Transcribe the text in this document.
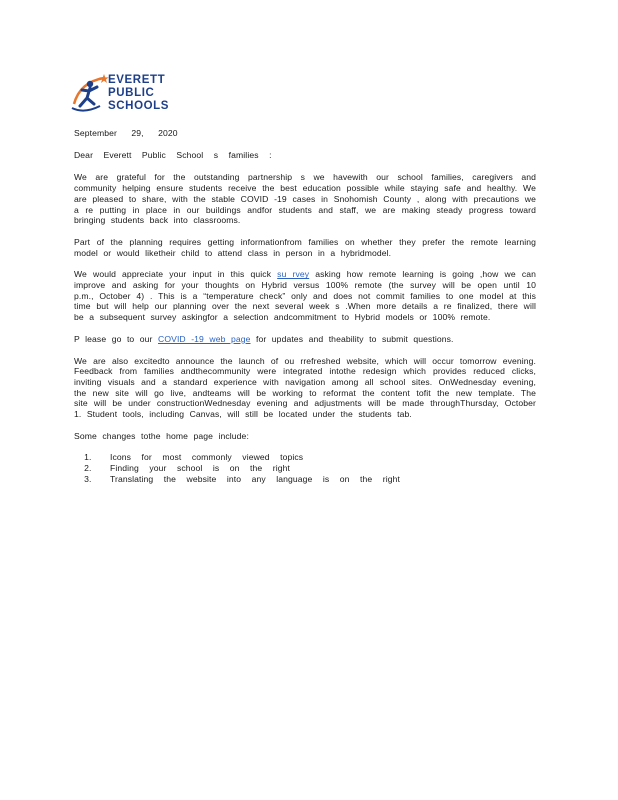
EVERETT
PUBLIC
SCHOOLS
September 29, 2020
Dear Everett Public School s families :

We are grateful for the outstanding partnership s we havewith our school families, caregivers and community helping ensure students receive the best education possible while staying safe and healthy. We are pleased to share, with the stable COVID -19 cases in Snohomish County , along with precautions we a re putting in place in our buildings andfor students and staff, we are making steady progress toward bringing students back into classrooms.

Part of the planning requires getting informationfrom families on whether they prefer the remote learning model or would liketheir child to attend class in person in a hybridmodel.

We would appreciate your input in this quick su rvey asking how remote learning is going ,how we can improve and asking for your thoughts on Hybrid versus 100% remote (the survey will be open until 10 p.m., October 4) . This is a “temperature check” only and does not commit families to one model at this time but will help our planning over the next several week s .When more details a re finalized, there will be a subsequent survey askingfor a selection andcommitment to Hybrid models or 100% remote.

P lease go to our COVID -19 web page for updates and theability to submit questions.

We are also excitedto announce the launch of ou rrefreshed website, which will occur tomorrow evening. Feedback from families andthecommunity were integrated intothe redesign which provides reduced clicks, inviting visuals and a standard experience with navigation among all school sites. OnWednesday evening, the new site will go live, andteams will be working to reformat the content tofit the new template. The site will be under constructionWednesday evening and adjustments will be made throughThursday, October 1. Student tools, including Canvas, will still be located under the students tab.

Some changes tothe home page include:

1. Icons for most commonly viewed topics
2. Finding your school is on the right
3. Translating the website into any language is on the right
